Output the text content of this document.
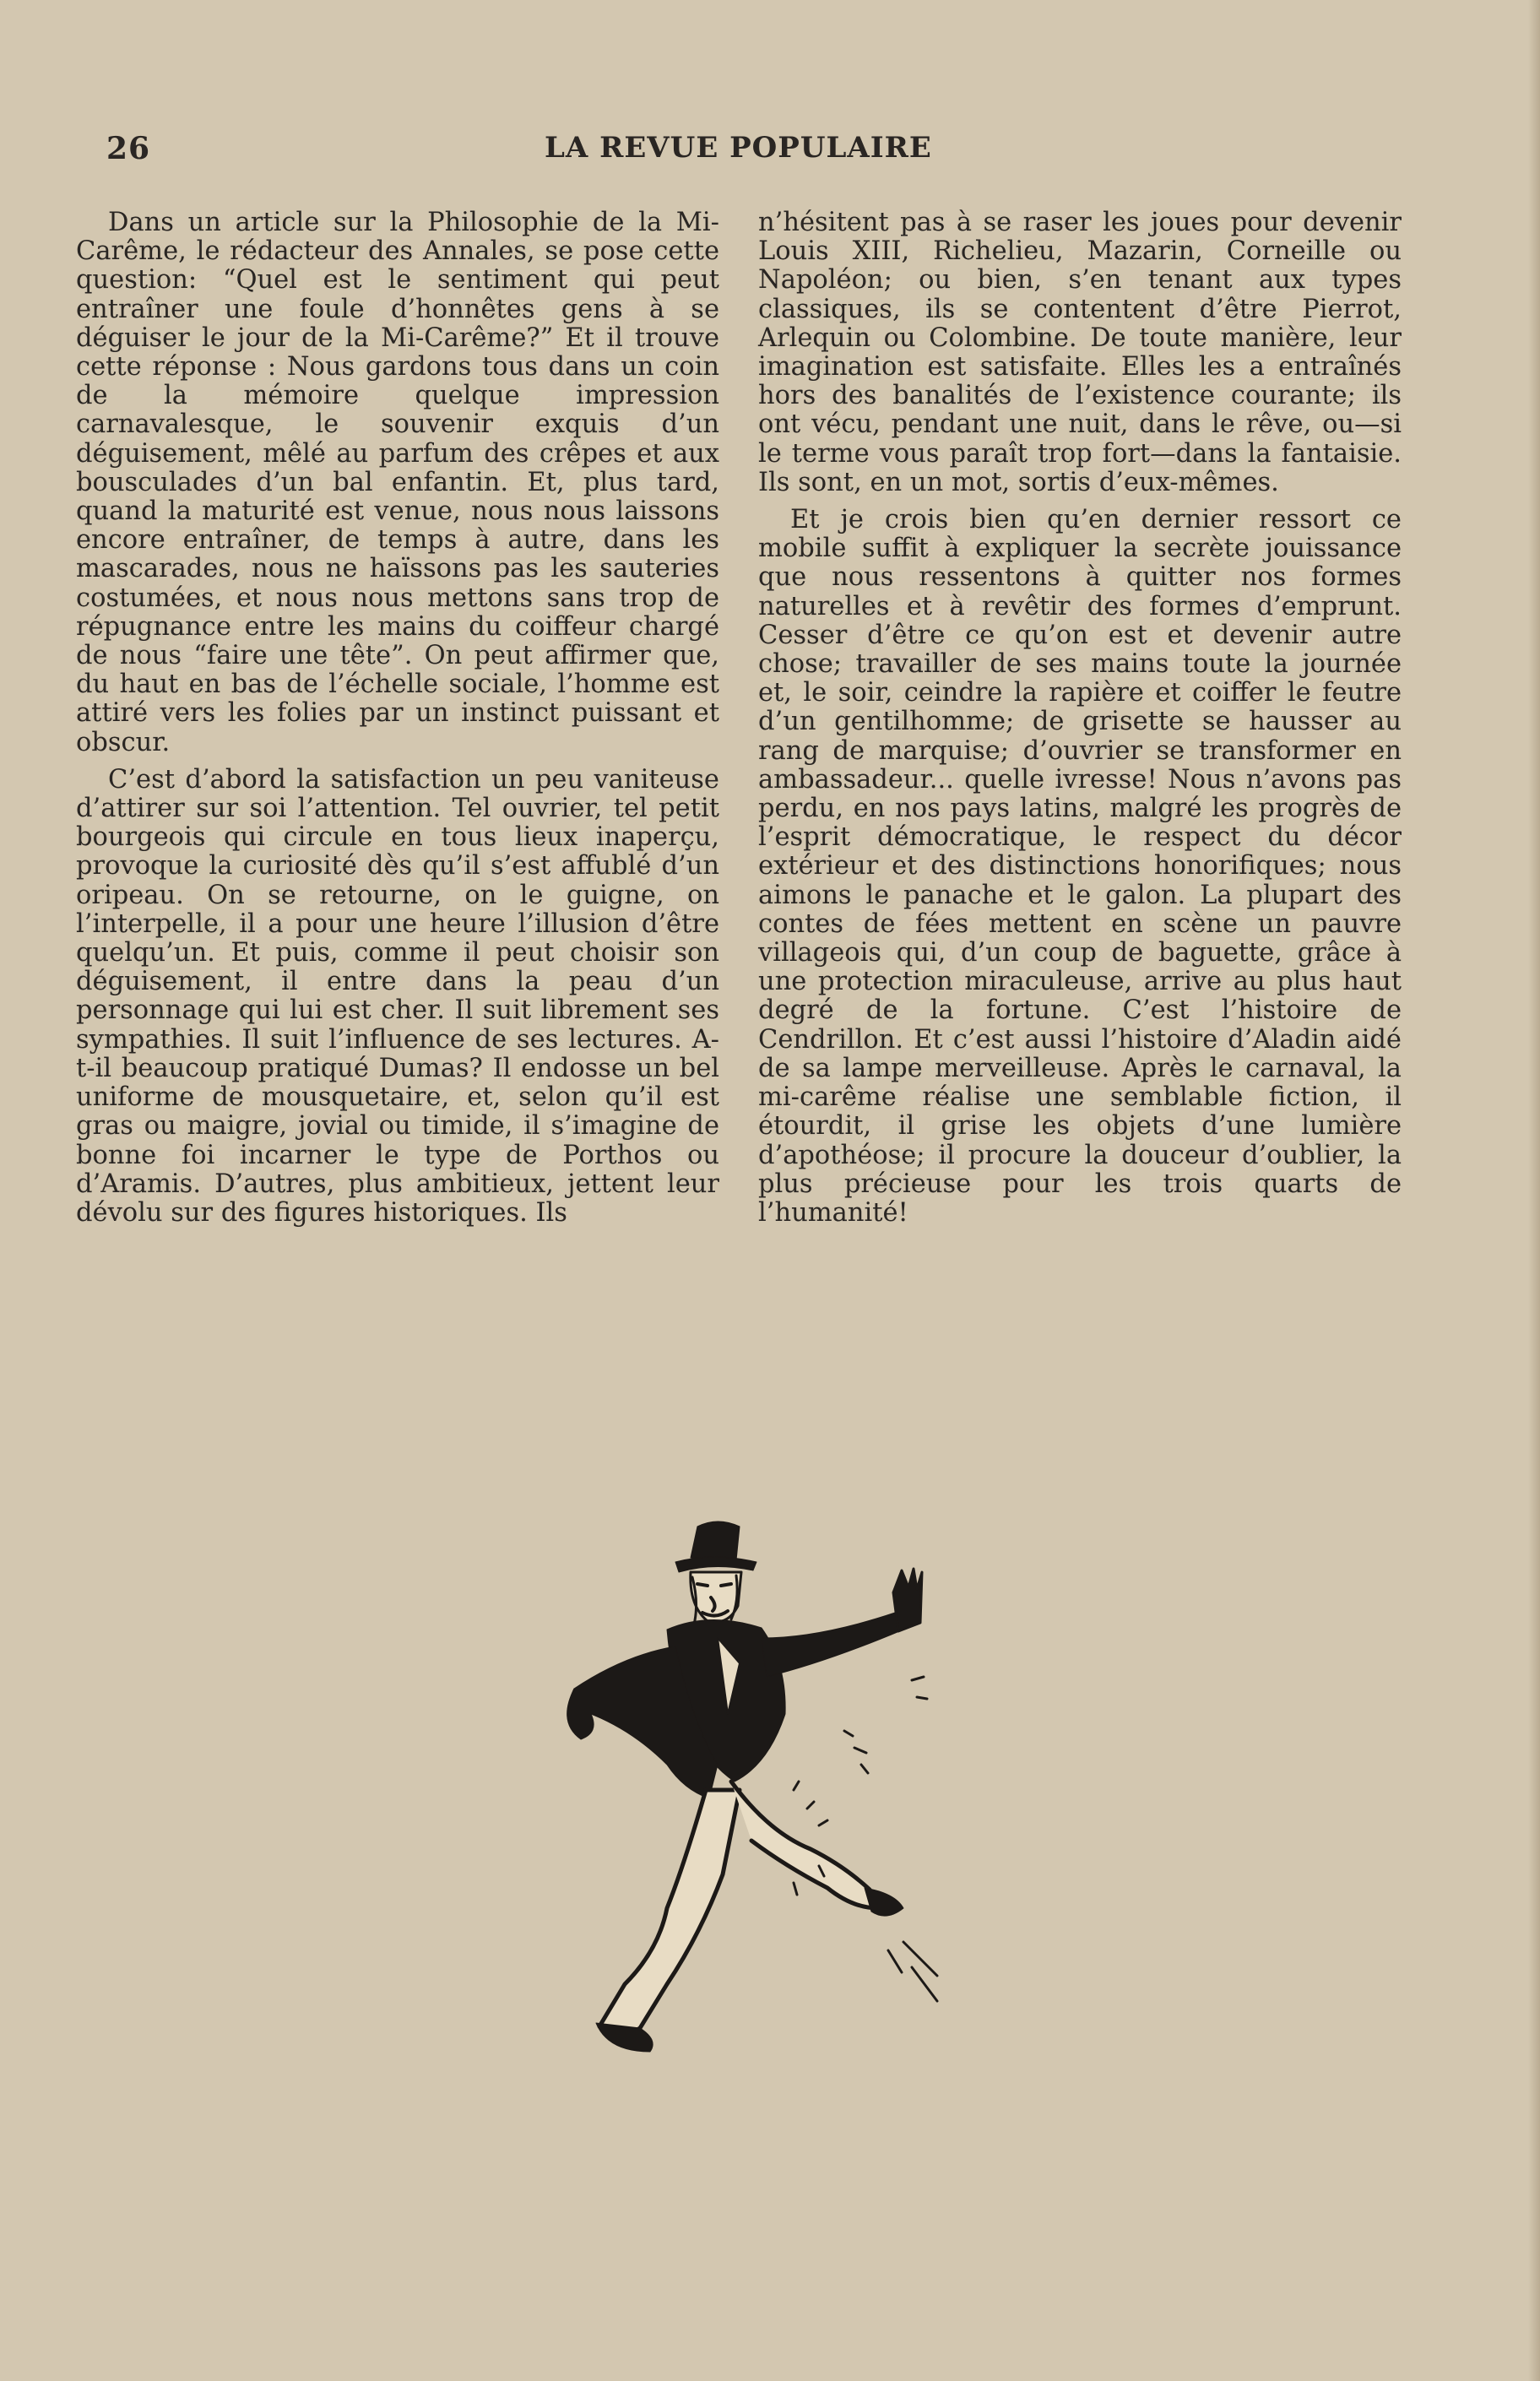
26	LA REVUE POPULAIRE

Dans un article sur la Philosophie de la Mi-Carême, le rédacteur des Annales, se pose cette question: “Quel est le sentiment qui peut entraîner une foule d’honnêtes gens à se déguiser le jour de la Mi-Carême?” Et il trouve cette réponse : Nous gardons tous dans un coin de la mémoire quelque impression carnavalesque, le souvenir exquis d’un déguisement, mêlé au parfum des crêpes et aux bousculades d’un bal enfantin. Et, plus tard, quand la maturité est venue, nous nous laissons encore entraîner, de temps à autre, dans les mascarades, nous ne haïssons pas les sauteries costumées, et nous nous mettons sans trop de répugnance entre les mains du coiffeur chargé de nous “faire une tête”. On peut affirmer que, du haut en bas de l’échelle sociale, l’homme est attiré vers les folies par un instinct puissant et obscur.

C’est d’abord la satisfaction un peu vaniteuse d’attirer sur soi l’attention. Tel ouvrier, tel petit bourgeois qui circule en tous lieux inaperçu, provoque la curiosité dès qu’il s’est affublé d’un oripeau. On se retourne, on le guigne, on l’interpelle, il a pour une heure l’illusion d’être quelqu’un. Et puis, comme il peut choisir son déguisement, il entre dans la peau d’un personnage qui lui est cher. Il suit librement ses sympathies. Il suit l’influence de ses lectures. A-t-il beaucoup pratiqué Dumas? Il endosse un bel uniforme de mousquetaire, et, selon qu’il est gras ou maigre, jovial ou timide, il s’imagine de bonne foi incarner le type de Porthos ou d’Aramis. D’autres, plus ambitieux, jettent leur dévolu sur des figures historiques. Ils

n’hésitent pas à se raser les joues pour devenir Louis XIII, Richelieu, Mazarin, Corneille ou Napoléon; ou bien, s’en tenant aux types classiques, ils se contentent d’être Pierrot, Arlequin ou Colombine. De toute manière, leur imagination est satisfaite. Elles les a entraînés hors des banalités de l’existence courante; ils ont vécu, pendant une nuit, dans le rêve, ou—si le terme vous paraît trop fort—dans la fantaisie. Ils sont, en un mot, sortis d’eux-mêmes.

Et je crois bien qu’en dernier ressort ce mobile suffit à expliquer la secrète jouissance que nous ressentons à quitter nos formes naturelles et à revêtir des formes d’emprunt. Cesser d’être ce qu’on est et devenir autre chose; travailler de ses mains toute la journée et, le soir, ceindre la rapière et coiffer le feutre d’un gentilhomme; de grisette se hausser au rang de marquise; d’ouvrier se transformer en ambassadeur... quelle ivresse! Nous n’avons pas perdu, en nos pays latins, malgré les progrès de l’esprit démocratique, le respect du décor extérieur et des distinctions honorifiques; nous aimons le panache et le galon. La plupart des contes de fées mettent en scène un pauvre villageois qui, d’un coup de baguette, grâce à une protection miraculeuse, arrive au plus haut degré de la fortune. C’est l’histoire de Cendrillon. Et c’est aussi l’histoire d’Aladin aidé de sa lampe merveilleuse. Après le carnaval, la mi-carême réalise une semblable fiction, il étourdit, il grise les objets d’une lumière d’apothéose; il procure la douceur d’oublier, la plus précieuse pour les trois quarts de l’humanité!
